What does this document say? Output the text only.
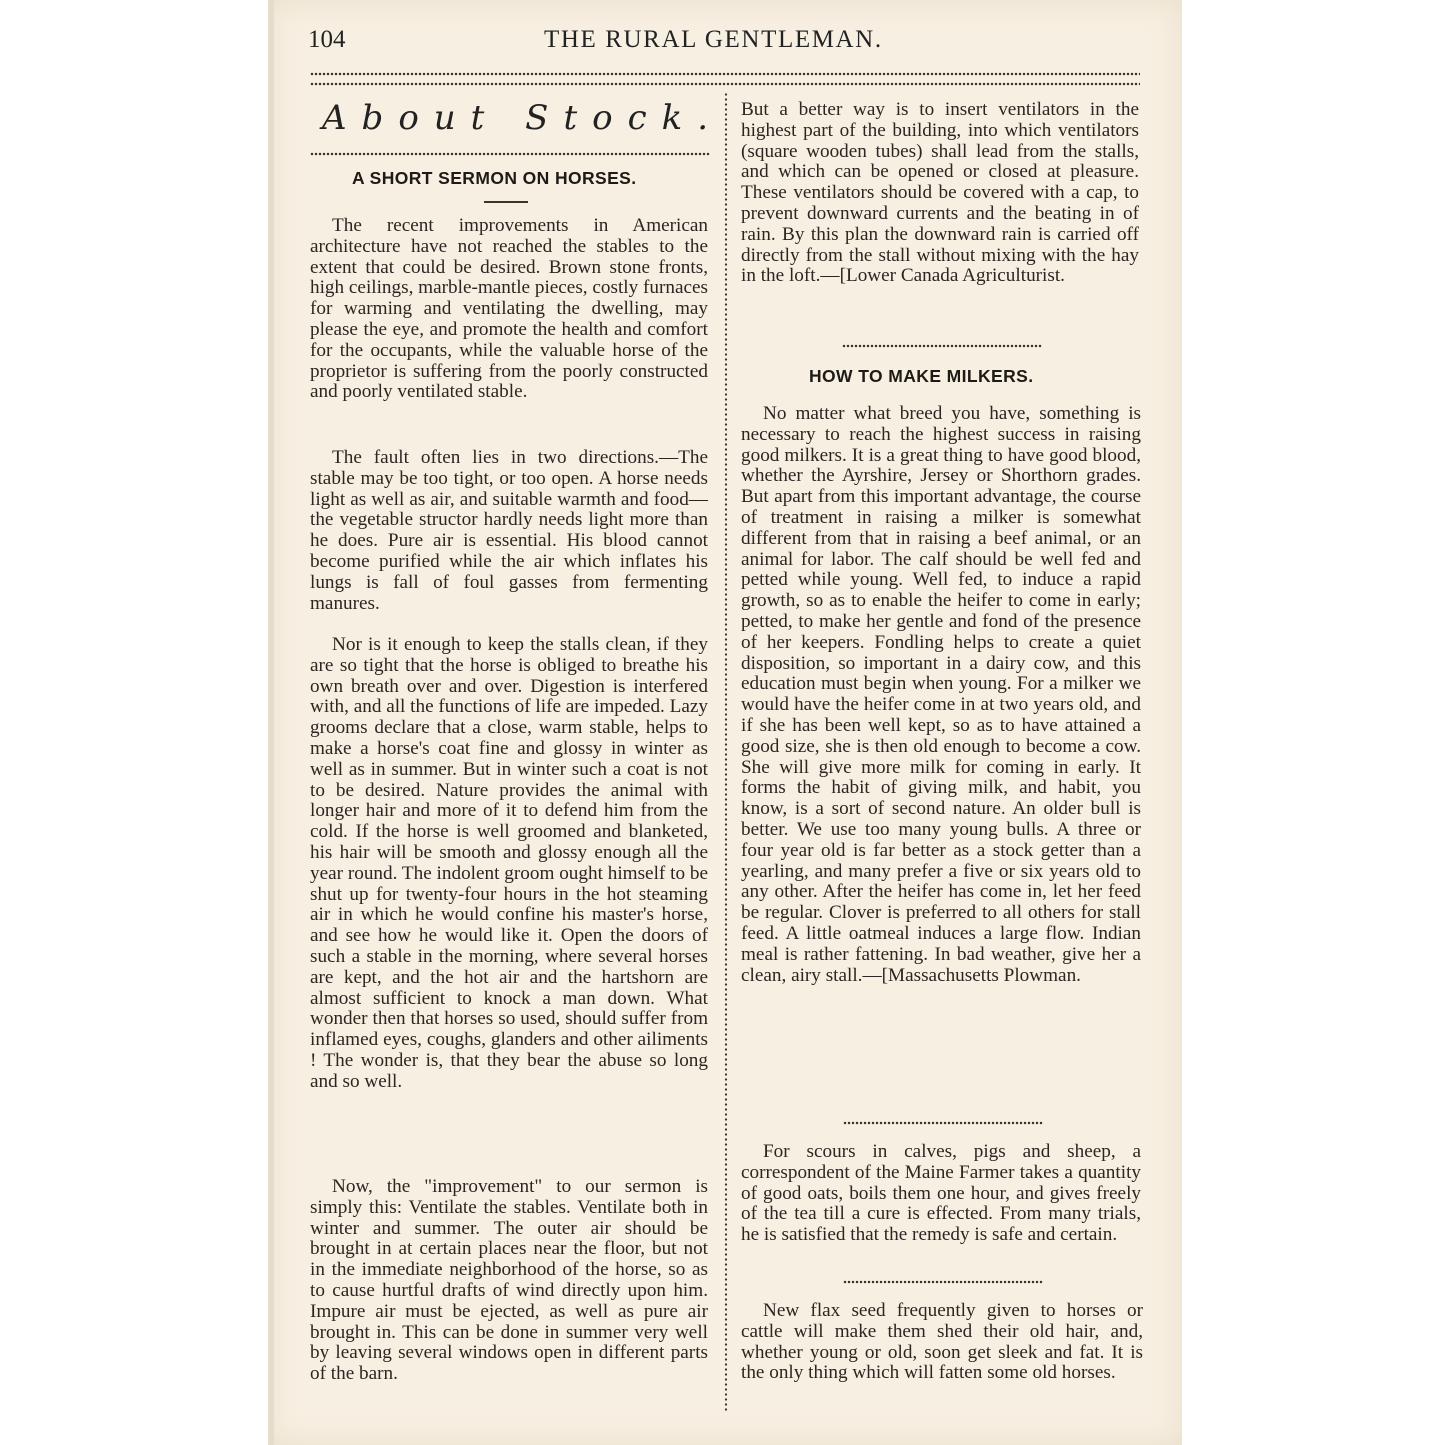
104	THE RURAL GENTLEMAN.
About Stock.
A SHORT SERMON ON HORSES.

The recent improvements in American architecture have not reached the stables to the extent that could be desired. Brown stone fronts, high ceilings, marble-mantle pieces, costly furnaces for warming and ventilating the dwelling, may please the eye, and promote the health and comfort for the occupants, while the valuable horse of the proprietor is suffering from the poorly constructed and poorly ventilated stable.

The fault often lies in two directions.—The stable may be too tight, or too open. A horse needs light as well as air, and suitable warmth and food—the vegetable structor hardly needs light more than he does. Pure air is essential. His blood cannot become purified while the air which inflates his lungs is fall of foul gasses from fermenting manures.

Nor is it enough to keep the stalls clean, if they are so tight that the horse is obliged to breathe his own breath over and over. Digestion is interfered with, and all the functions of life are impeded. Lazy grooms declare that a close, warm stable, helps to make a horse's coat fine and glossy in winter as well as in summer. But in winter such a coat is not to be desired. Nature provides the animal with longer hair and more of it to defend him from the cold. If the horse is well groomed and blanketed, his hair will be smooth and glossy enough all the year round. The indolent groom ought himself to be shut up for twenty-four hours in the hot steaming air in which he would confine his master's horse, and see how he would like it. Open the doors of such a stable in the morning, where several horses are kept, and the hot air and the hartshorn are almost sufficient to knock a man down. What wonder then that horses so used, should suffer from inflamed eyes, coughs, glanders and other ailiments ! The wonder is, that they bear the abuse so long and so well.

Now, the "improvement" to our sermon is simply this: Ventilate the stables. Ventilate both in winter and summer. The outer air should be brought in at certain places near the floor, but not in the immediate neighborhood of the horse, so as to cause hurtful drafts of wind directly upon him. Impure air must be ejected, as well as pure air brought in. This can be done in summer very well by leaving several windows open in different parts of the barn.

But a better way is to insert ventilators in the highest part of the building, into which ventilators (square wooden tubes) shall lead from the stalls, and which can be opened or closed at pleasure. These ventilators should be covered with a cap, to prevent downward currents and the beating in of rain. By this plan the downward rain is carried off directly from the stall without mixing with the hay in the loft.—[Lower Canada Agriculturist.

HOW TO MAKE MILKERS.

No matter what breed you have, something is necessary to reach the highest success in raising good milkers. It is a great thing to have good blood, whether the Ayrshire, Jersey or Shorthorn grades. But apart from this important advantage, the course of treatment in raising a milker is somewhat different from that in raising a beef animal, or an animal for labor. The calf should be well fed and petted while young. Well fed, to induce a rapid growth, so as to enable the heifer to come in early; petted, to make her gentle and fond of the presence of her keepers. Fondling helps to create a quiet disposition, so important in a dairy cow, and this education must begin when young. For a milker we would have the heifer come in at two years old, and if she has been well kept, so as to have attained a good size, she is then old enough to become a cow. She will give more milk for coming in early. It forms the habit of giving milk, and habit, you know, is a sort of second nature. An older bull is better. We use too many young bulls. A three or four year old is far better as a stock getter than a yearling, and many prefer a five or six years old to any other. After the heifer has come in, let her feed be regular. Clover is preferred to all others for stall feed. A little oatmeal induces a large flow. Indian meal is rather fattening. In bad weather, give her a clean, airy stall.—[Massachusetts Plowman.

For scours in calves, pigs and sheep, a correspondent of the Maine Farmer takes a quantity of good oats, boils them one hour, and gives freely of the tea till a cure is effected. From many trials, he is satisfied that the remedy is safe and certain.

New flax seed frequently given to horses or cattle will make them shed their old hair, and, whether young or old, soon get sleek and fat. It is the only thing which will fatten some old horses.
